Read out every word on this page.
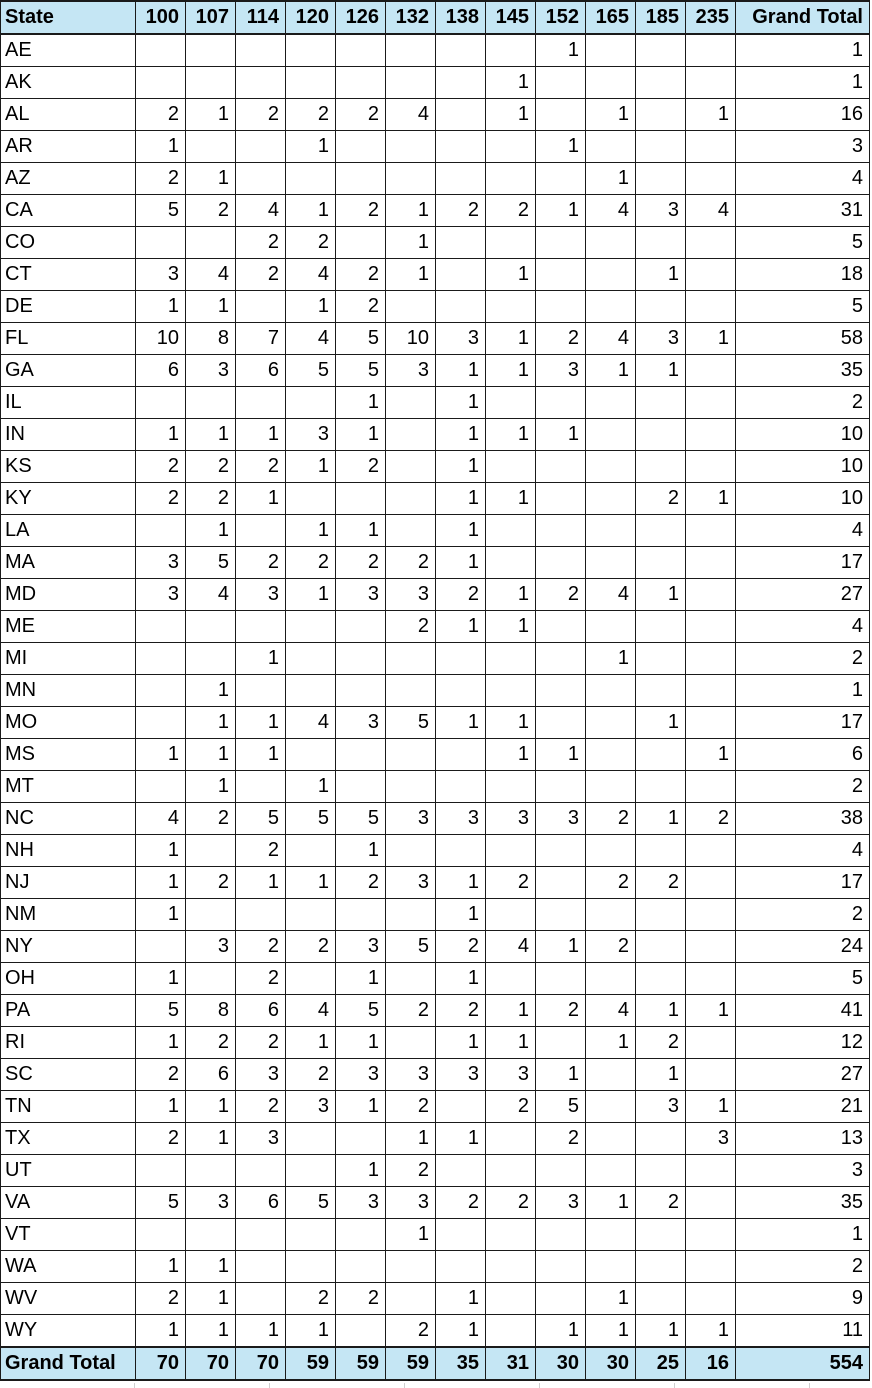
State	100	107	114	120	126	132	138	145	152	165	185	235	Grand Total
AE									1				1
AK								1					1
AL	2	1	2	2	2	4		1		1		1	16
AR	1			1					1				3
AZ	2	1								1			4
CA	5	2	4	1	2	1	2	2	1	4	3	4	31
CO			2	2		1							5
CT	3	4	2	4	2	1		1			1		18
DE	1	1		1	2								5
FL	10	8	7	4	5	10	3	1	2	4	3	1	58
GA	6	3	6	5	5	3	1	1	3	1	1		35
IL					1		1						2
IN	1	1	1	3	1		1	1	1				10
KS	2	2	2	1	2		1						10
KY	2	2	1				1	1			2	1	10
LA		1		1	1		1						4
MA	3	5	2	2	2	2	1						17
MD	3	4	3	1	3	3	2	1	2	4	1		27
ME						2	1	1					4
MI			1							1			2
MN		1											1
MO		1	1	4	3	5	1	1			1		17
MS	1	1	1					1	1			1	6
MT		1		1									2
NC	4	2	5	5	5	3	3	3	3	2	1	2	38
NH	1		2		1								4
NJ	1	2	1	1	2	3	1	2		2	2		17
NM	1						1						2
NY		3	2	2	3	5	2	4	1	2			24
OH	1		2		1		1						5
PA	5	8	6	4	5	2	2	1	2	4	1	1	41
RI	1	2	2	1	1		1	1		1	2		12
SC	2	6	3	2	3	3	3	3	1		1		27
TN	1	1	2	3	1	2		2	5		3	1	21
TX	2	1	3			1	1		2			3	13
UT					1	2							3
VA	5	3	6	5	3	3	2	2	3	1	2		35
VT						1							1
WA	1	1											2
WV	2	1		2	2		1			1			9
WY	1	1	1	1		2	1		1	1	1	1	11
Grand Total	70	70	70	59	59	59	35	31	30	30	25	16	554
